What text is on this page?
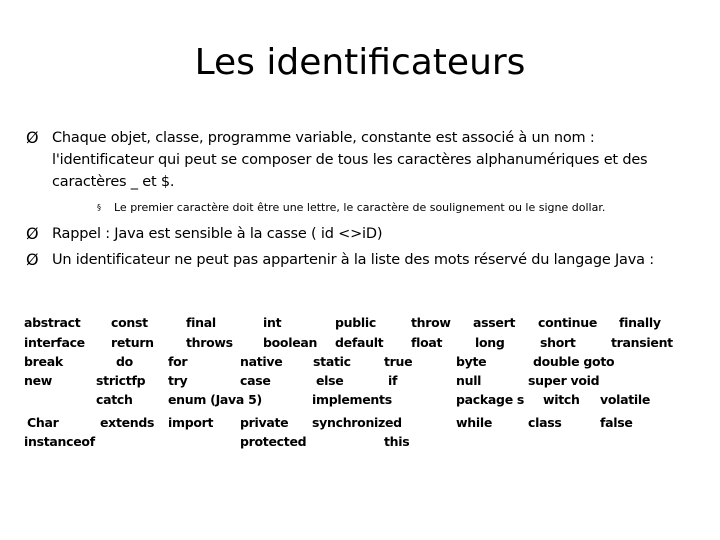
Les identificateurs
Ø Chaque objet, classe, programme variable, constante est associé à un nom : l'identificateur qui peut se composer de tous les caractères alphanumériques et des caractères _ et $.
§	Le premier caractère doit être une lettre, le caractère de soulignement ou le signe dollar.
Ø Rappel : Java est sensible à la casse ( id <>iD)
Ø Un identificateur ne peut pas appartenir à la liste des mots réservé du langage Java :
abstract const	final	int	public	throw assert continue finally
interface return	throws boolean default float	long	short	transient
break	do	for	native static	true	byte	double goto
new	strictfp try	case	else	if	null	super void
catch	enum (Java 5)	implements	package s witch volatile
Char	extends import private synchronized	while	class	false
instanceof	protected	this
